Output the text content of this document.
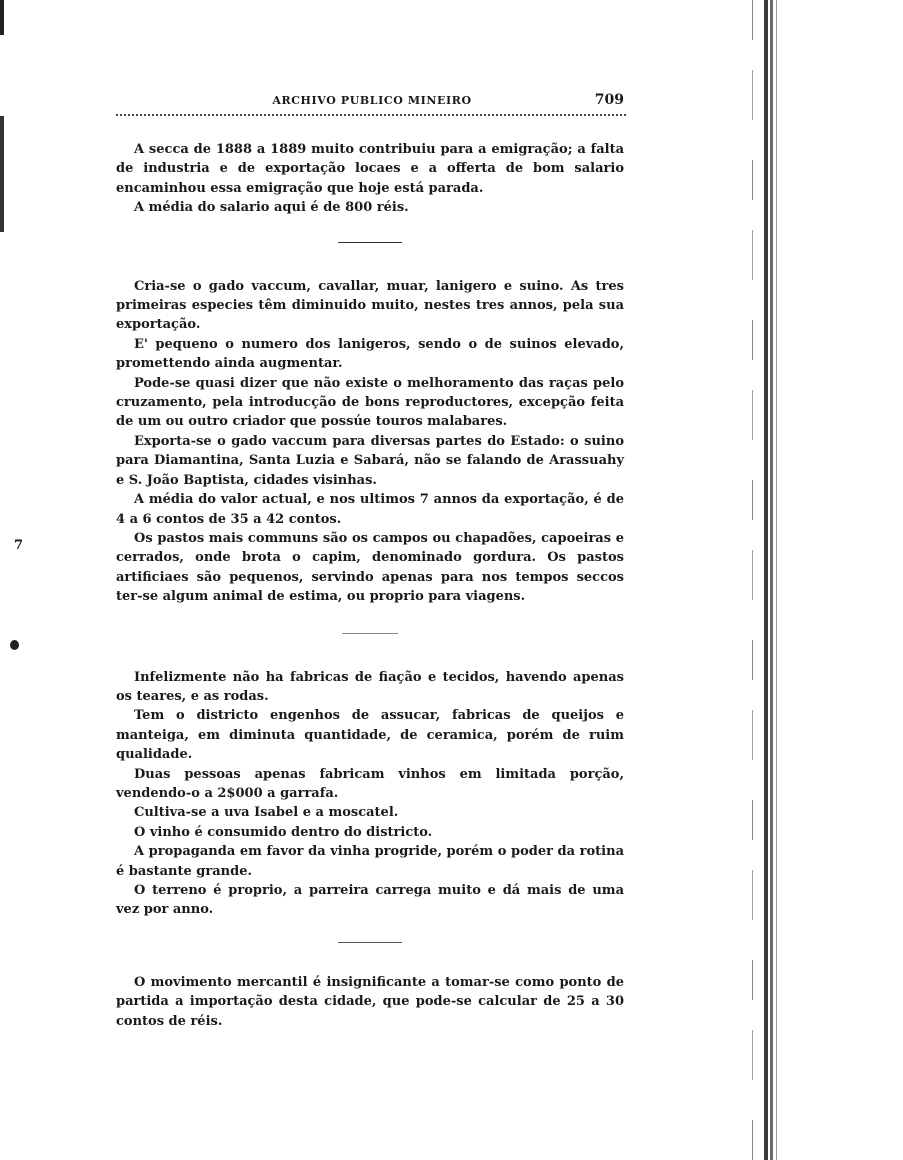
7
ARCHIVO PUBLICO MINEIRO	709

A secca de 1888 a 1889 muito contribuiu para a emigração; a falta de industria e de exportação locaes e a offerta de bom salario encaminhou essa emigração que hoje está parada.

A média do salario aqui é de 800 réis.

Cria-se o gado vaccum, cavallar, muar, lanigero e suino. As tres primeiras especies têm diminuido muito, nestes tres annos, pela sua exportação.

E' pequeno o numero dos lanigeros, sendo o de suinos elevado, promettendo ainda augmentar.

Pode-se quasi dizer que não existe o melhoramento das raças pelo cruzamento, pela introducção de bons reproductores, excepção feita de um ou outro criador que possúe touros malabares.

Exporta-se o gado vaccum para diversas partes do Estado: o suino para Diamantina, Santa Luzia e Sabará, não se falando de Arassuahy e S. João Baptista, cidades visinhas.

A média do valor actual, e nos ultimos 7 annos da exportação, é de 4 a 6 contos de 35 a 42 contos.

Os pastos mais communs são os campos ou chapadões, capoeiras e cerrados, onde brota o capim, denominado gordura. Os pastos artificiaes são pequenos, servindo apenas para nos tempos seccos ter-se algum animal de estima, ou proprio para viagens.

Infelizmente não ha fabricas de fiação e tecidos, havendo apenas os teares, e as rodas.

Tem o districto engenhos de assucar, fabricas de queijos e manteiga, em diminuta quantidade, de ceramica, porém de ruim qualidade.

Duas pessoas apenas fabricam vinhos em limitada porção, vendendo-o a 2$000 a garrafa.

Cultiva-se a uva Isabel e a moscatel.

O vinho é consumido dentro do districto.

A propaganda em favor da vinha progride, porém o poder da rotina é bastante grande.

O terreno é proprio, a parreira carrega muito e dá mais de uma vez por anno.

O movimento mercantil é insignificante a tomar-se como ponto de partida a importação desta cidade, que pode-se calcular de 25 a 30 contos de réis.
